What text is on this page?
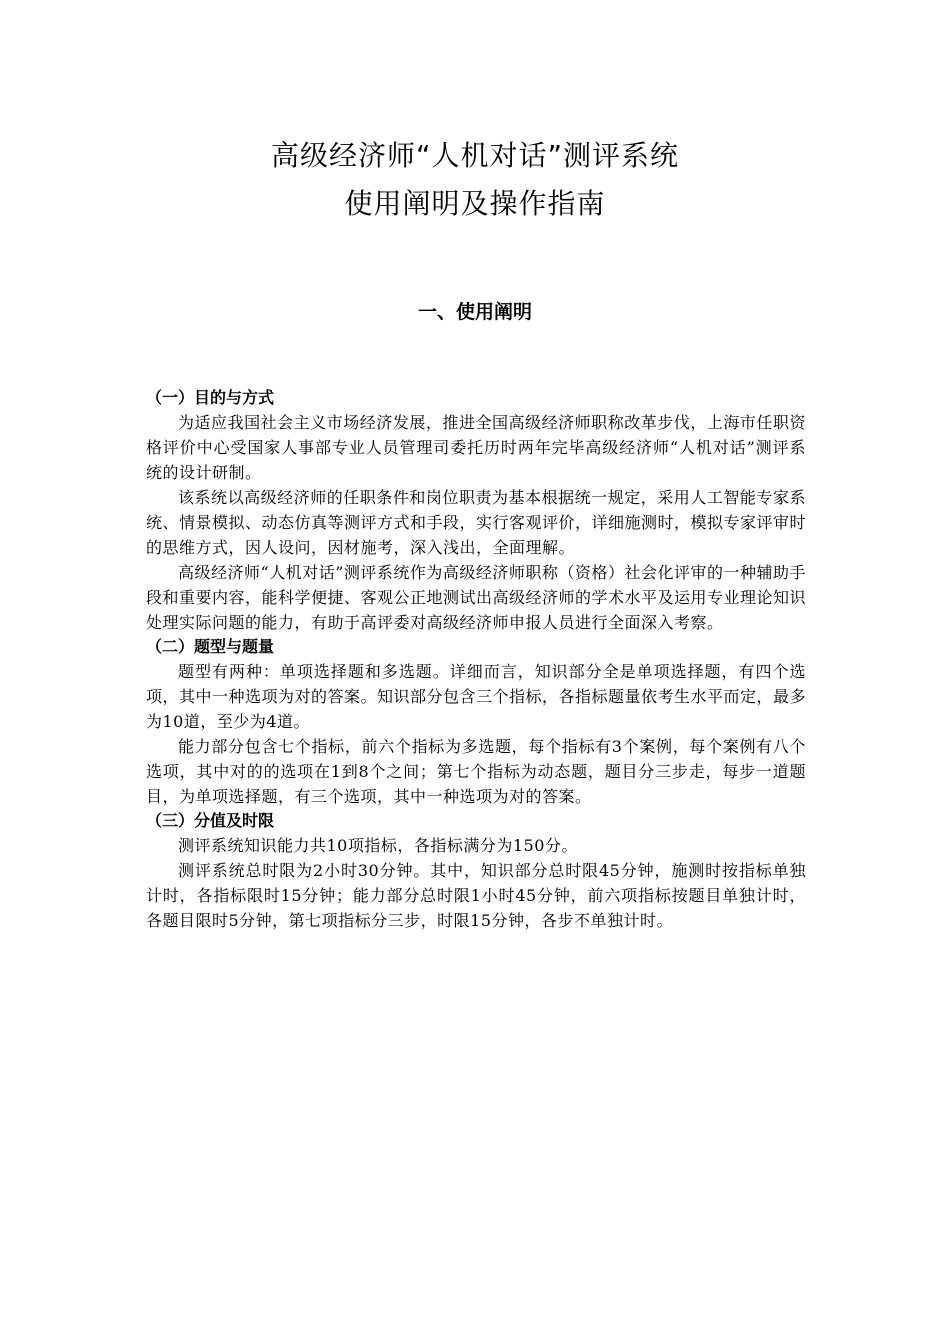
高级经济师“人机对话”测评系统
使用阐明及操作指南
一、使用阐明
（一）目的与方式

为适应我国社会主义市场经济发展，推进全国高级经济师职称改革步伐，上海市任职资格评价中心受国家人事部专业人员管理司委托历时两年完毕高级经济师“人机对话”测评系统的设计研制。

该系统以高级经济师的任职条件和岗位职责为基本根据统一规定，采用人工智能专家系统、情景模拟、动态仿真等测评方式和手段，实行客观评价，详细施测时，模拟专家评审时的思维方式，因人设问，因材施考，深入浅出，全面理解。

高级经济师“人机对话”测评系统作为高级经济师职称（资格）社会化评审的一种辅助手段和重要内容，能科学便捷、客观公正地测试出高级经济师的学术水平及运用专业理论知识处理实际问题的能力，有助于高评委对高级经济师申报人员进行全面深入考察。

（二）题型与题量

题型有两种：单项选择题和多选题。详细而言，知识部分全是单项选择题，有四个选项，其中一种选项为对的答案。知识部分包含三个指标，各指标题量依考生水平而定，最多为10道，至少为4道。

能力部分包含七个指标，前六个指标为多选题，每个指标有3个案例，每个案例有八个选项，其中对的的选项在1到8个之间；第七个指标为动态题，题目分三步走，每步一道题目，为单项选择题，有三个选项，其中一种选项为对的答案。

（三）分值及时限

测评系统知识能力共10项指标，各指标满分为150分。

测评系统总时限为2小时30分钟。其中，知识部分总时限45分钟，施测时按指标单独计时，各指标限时15分钟；能力部分总时限1小时45分钟，前六项指标按题目单独计时，各题目限时5分钟，第七项指标分三步，时限15分钟，各步不单独计时。
